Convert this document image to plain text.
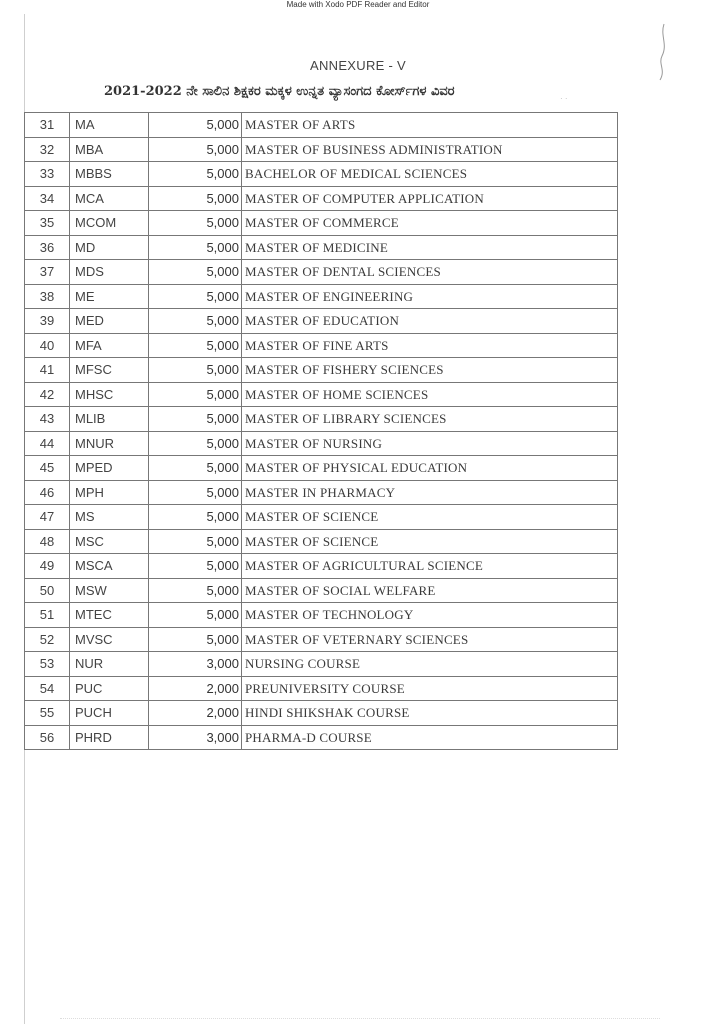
Made with Xodo PDF Reader and Editor
ANNEXURE - V
2021-2022 ನೇ ಸಾಲಿನ ಶಿಕ್ಷಕರ ಮಕ್ಕಳ ಉನ್ನತ ವ್ಯಾಸಂಗದ ಕೋರ್ಸ್‌ಗಳ ವಿವರ	· ·
31	MA	5,000	MASTER OF ARTS
32	MBA	5,000	MASTER OF BUSINESS ADMINISTRATION
33	MBBS	5,000	BACHELOR OF MEDICAL SCIENCES
34	MCA	5,000	MASTER OF COMPUTER APPLICATION
35	MCOM	5,000	MASTER OF COMMERCE
36	MD	5,000	MASTER OF MEDICINE
37	MDS	5,000	MASTER OF DENTAL SCIENCES
38	ME	5,000	MASTER OF ENGINEERING
39	MED	5,000	MASTER OF EDUCATION
40	MFA	5,000	MASTER OF FINE ARTS
41	MFSC	5,000	MASTER OF FISHERY SCIENCES
42	MHSC	5,000	MASTER OF HOME SCIENCES
43	MLIB	5,000	MASTER OF LIBRARY SCIENCES
44	MNUR	5,000	MASTER OF NURSING
45	MPED	5,000	MASTER OF PHYSICAL EDUCATION
46	MPH	5,000	MASTER IN PHARMACY
47	MS	5,000	MASTER OF SCIENCE
48	MSC	5,000	MASTER OF SCIENCE
49	MSCA	5,000	MASTER OF AGRICULTURAL SCIENCE
50	MSW	5,000	MASTER OF SOCIAL WELFARE
51	MTEC	5,000	MASTER OF TECHNOLOGY
52	MVSC	5,000	MASTER OF VETERNARY SCIENCES
53	NUR	3,000	NURSING COURSE
54	PUC	2,000	PREUNIVERSITY COURSE
55	PUCH	2,000	HINDI SHIKSHAK COURSE
56	PHRD	3,000	PHARMA-D COURSE
